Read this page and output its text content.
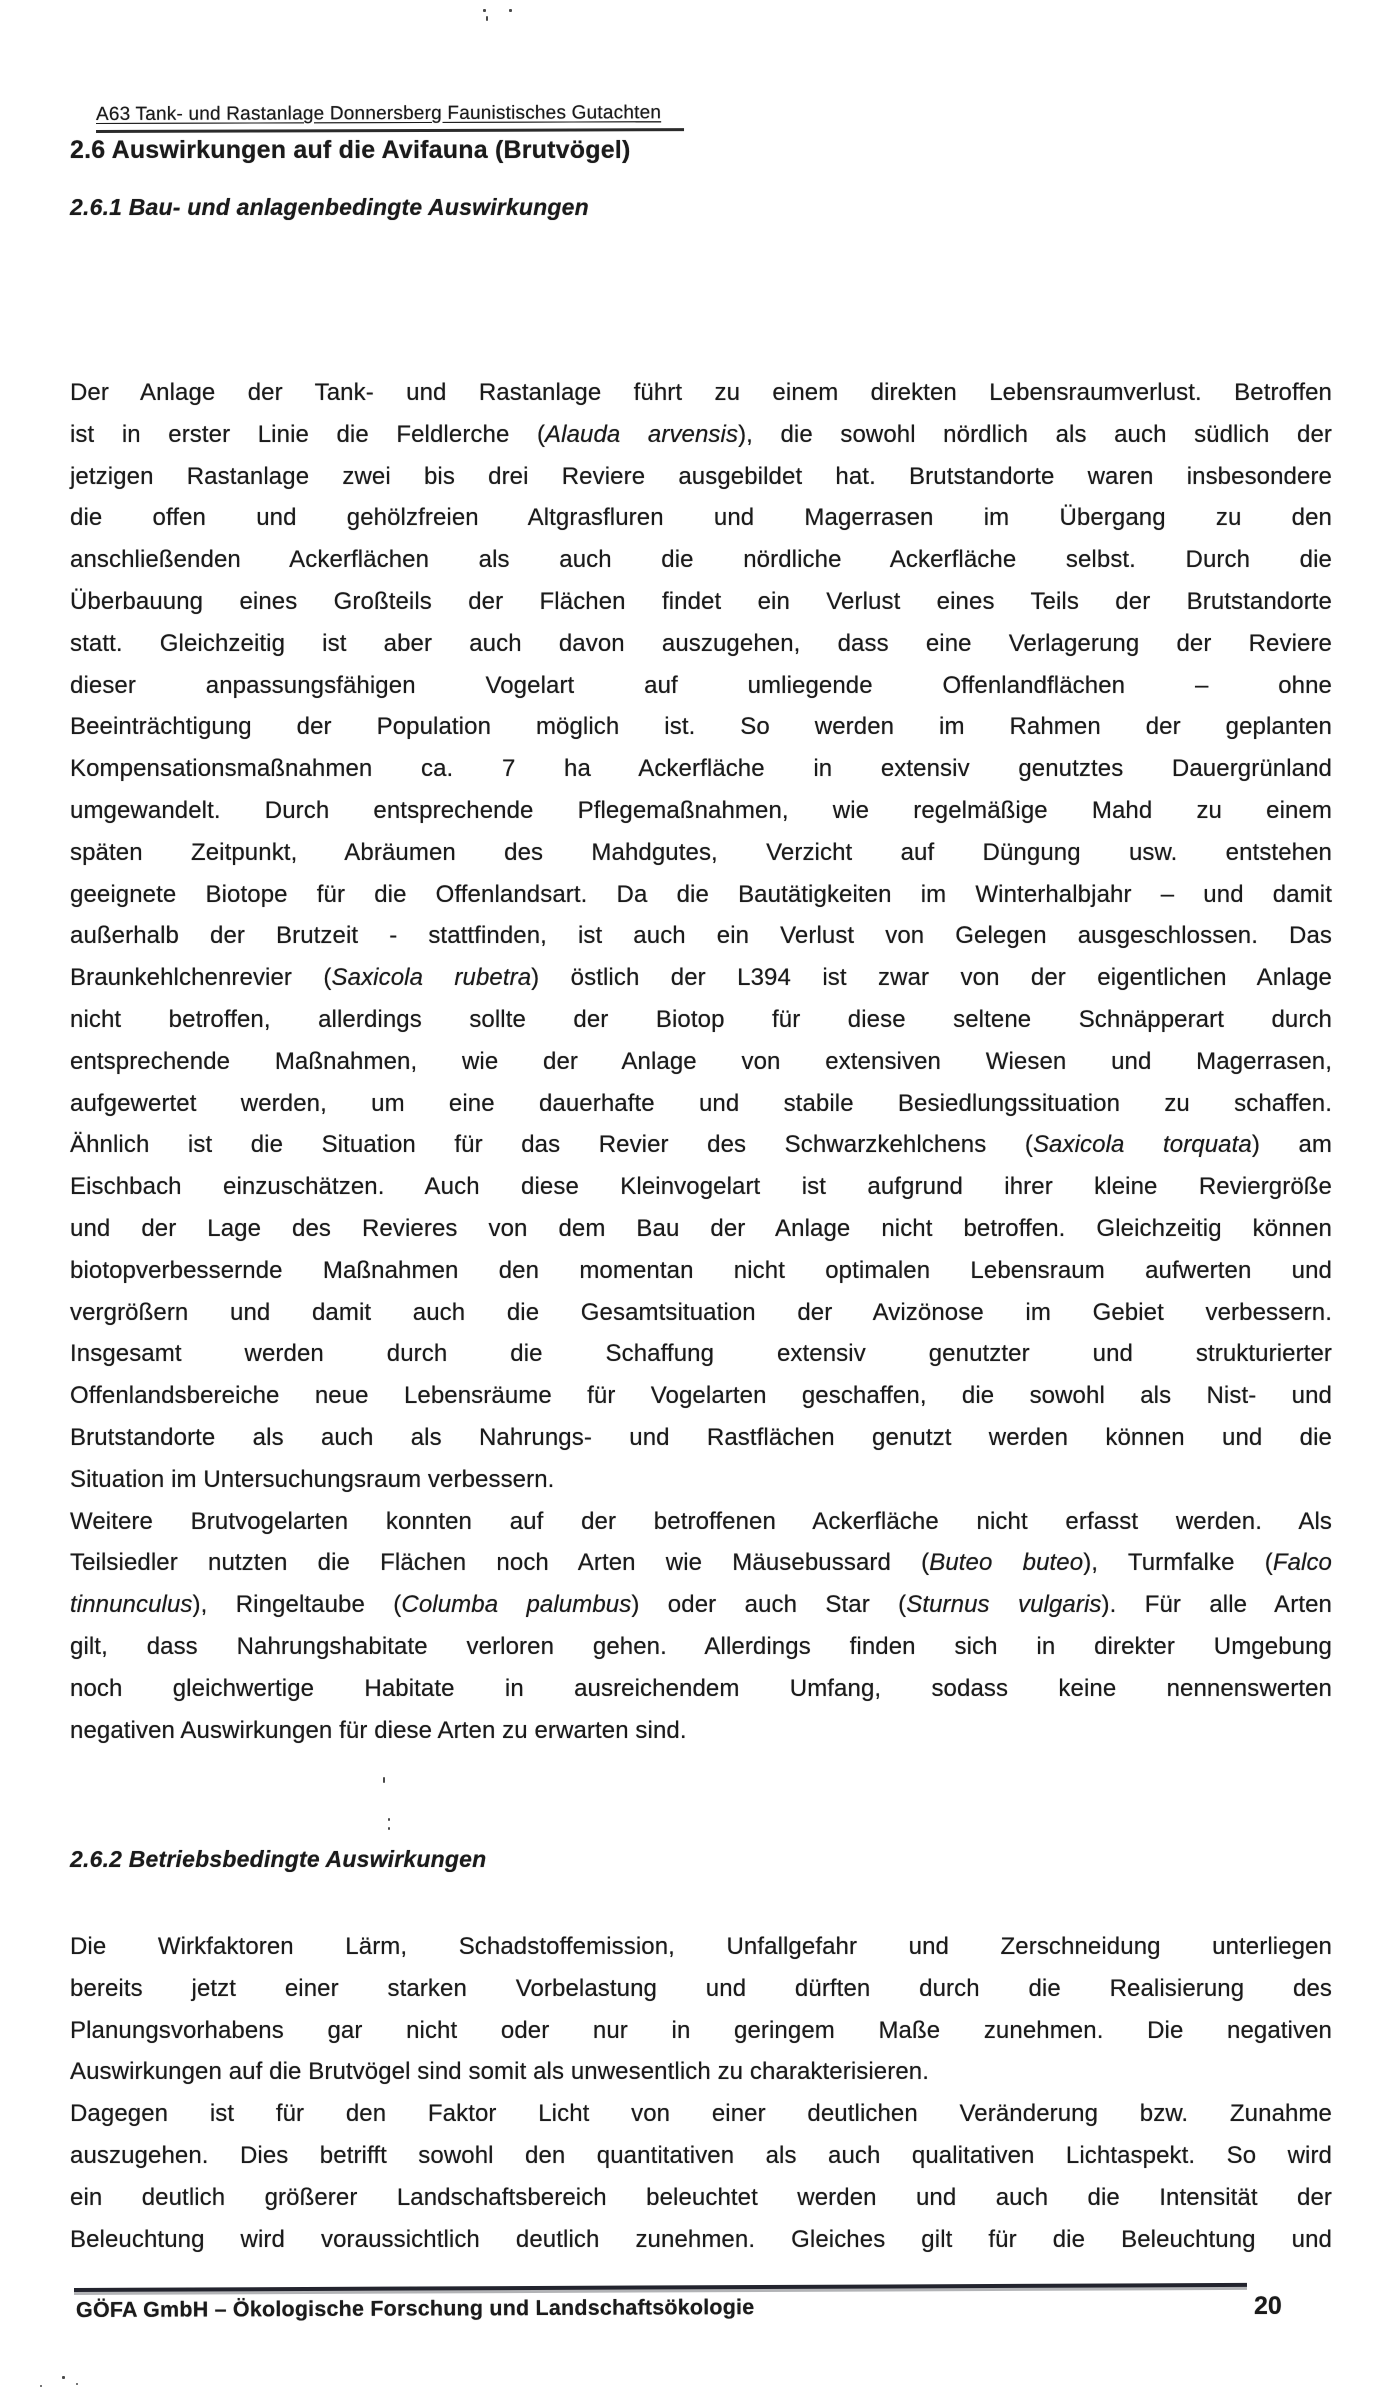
A63 Tank- und Rastanlage Donnersberg Faunistisches Gutachten
2.6 Auswirkungen auf die Avifauna (Brutvögel)
2.6.1 Bau- und anlagenbedingte Auswirkungen
Der Anlage der Tank- und Rastanlage führt zu einem direkten Lebensraumverlust. Betroffen
ist in erster Linie die Feldlerche (Alauda arvensis), die sowohl nördlich als auch südlich der
jetzigen Rastanlage zwei bis drei Reviere ausgebildet hat. Brutstandorte waren insbesondere
die offen und gehölzfreien Altgrasfluren und Magerrasen im Übergang zu den
anschließenden Ackerflächen als auch die nördliche Ackerfläche selbst. Durch die
Überbauung eines Großteils der Flächen findet ein Verlust eines Teils der Brutstandorte
statt. Gleichzeitig ist aber auch davon auszugehen, dass eine Verlagerung der Reviere
dieser anpassungsfähigen Vogelart auf umliegende Offenlandflächen – ohne
Beeinträchtigung der Population möglich ist. So werden im Rahmen der geplanten
Kompensationsmaßnahmen ca. 7 ha Ackerfläche in extensiv genutztes Dauergrünland
umgewandelt. Durch entsprechende Pflegemaßnahmen, wie regelmäßige Mahd zu einem
späten Zeitpunkt, Abräumen des Mahdgutes, Verzicht auf Düngung usw. entstehen
geeignete Biotope für die Offenlandsart. Da die Bautätigkeiten im Winterhalbjahr – und damit
außerhalb der Brutzeit - stattfinden, ist auch ein Verlust von Gelegen ausgeschlossen. Das
Braunkehlchenrevier (Saxicola rubetra) östlich der L394 ist zwar von der eigentlichen Anlage
nicht betroffen, allerdings sollte der Biotop für diese seltene Schnäpperart durch
entsprechende Maßnahmen, wie der Anlage von extensiven Wiesen und Magerrasen,
aufgewertet werden, um eine dauerhafte und stabile Besiedlungssituation zu schaffen.
Ähnlich ist die Situation für das Revier des Schwarzkehlchens (Saxicola torquata) am
Eischbach einzuschätzen. Auch diese Kleinvogelart ist aufgrund ihrer kleine Reviergröße
und der Lage des Revieres von dem Bau der Anlage nicht betroffen. Gleichzeitig können
biotopverbessernde Maßnahmen den momentan nicht optimalen Lebensraum aufwerten und
vergrößern und damit auch die Gesamtsituation der Avizönose im Gebiet verbessern.
Insgesamt werden durch die Schaffung extensiv genutzter und strukturierter
Offenlandsbereiche neue Lebensräume für Vogelarten geschaffen, die sowohl als Nist- und
Brutstandorte als auch als Nahrungs- und Rastflächen genutzt werden können und die
Situation im Untersuchungsraum verbessern.
Weitere Brutvogelarten konnten auf der betroffenen Ackerfläche nicht erfasst werden. Als
Teilsiedler nutzten die Flächen noch Arten wie Mäusebussard (Buteo buteo), Turmfalke (Falco
tinnunculus), Ringeltaube (Columba palumbus) oder auch Star (Sturnus vulgaris). Für alle Arten
gilt, dass Nahrungshabitate verloren gehen. Allerdings finden sich in direkter Umgebung
noch gleichwertige Habitate in ausreichendem Umfang, sodass keine nennenswerten
negativen Auswirkungen für diese Arten zu erwarten sind.
2.6.2 Betriebsbedingte Auswirkungen
Die Wirkfaktoren Lärm, Schadstoffemission, Unfallgefahr und Zerschneidung unterliegen
bereits jetzt einer starken Vorbelastung und dürften durch die Realisierung des
Planungsvorhabens gar nicht oder nur in geringem Maße zunehmen. Die negativen
Auswirkungen auf die Brutvögel sind somit als unwesentlich zu charakterisieren.
Dagegen ist für den Faktor Licht von einer deutlichen Veränderung bzw. Zunahme
auszugehen. Dies betrifft sowohl den quantitativen als auch qualitativen Lichtaspekt. So wird
ein deutlich größerer Landschaftsbereich beleuchtet werden und auch die Intensität der
Beleuchtung wird voraussichtlich deutlich zunehmen. Gleiches gilt für die Beleuchtung und
GÖFA GmbH – Ökologische Forschung und Landschaftsökologie	20
